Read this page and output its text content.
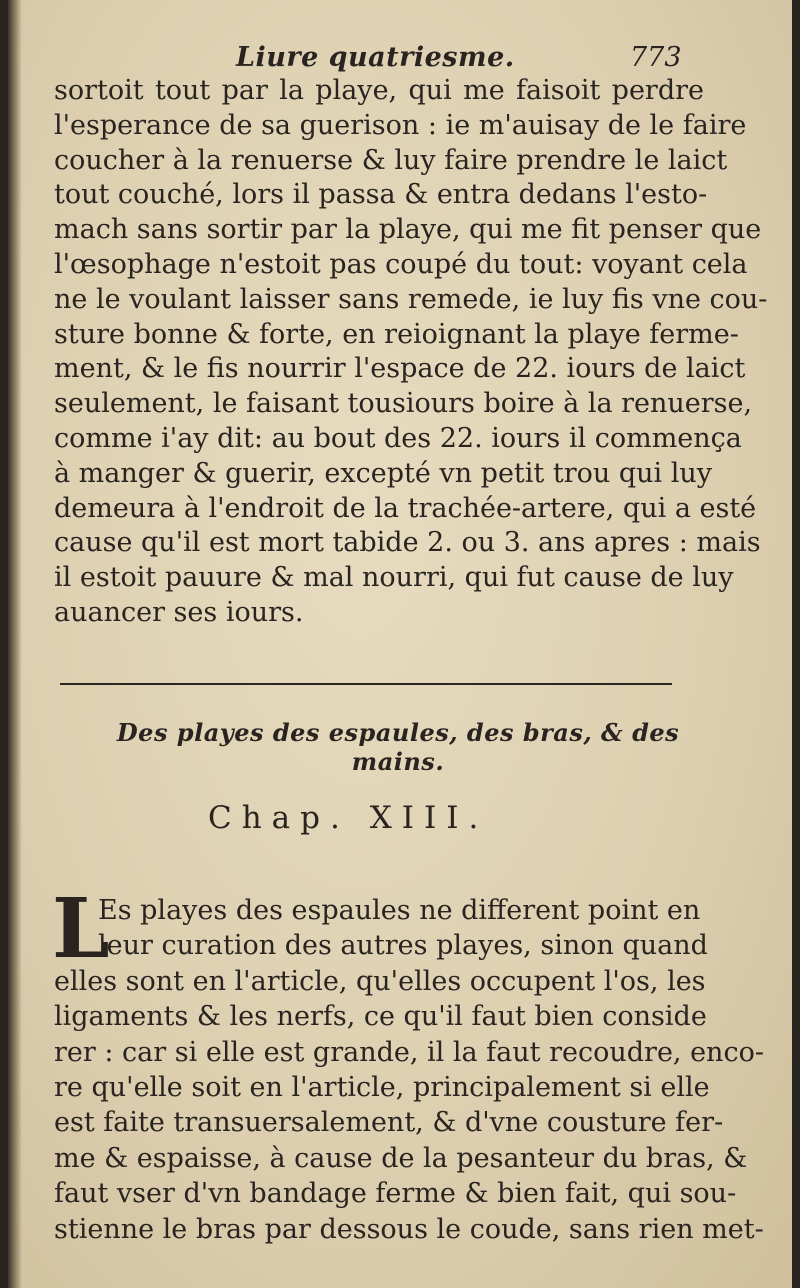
Liure quatriesme.	773
sortoit tout par la playe, qui me faisoit perdre
l'esperance de sa guerison : ie m'auisay de le faire
coucher à la renuerse & luy faire prendre le laict
tout couché, lors il passa & entra dedans l'esto-
mach sans sortir par la playe, qui me fit penser que
l'œsophage n'estoit pas coupé du tout: voyant cela
ne le voulant laisser sans remede, ie luy fis vne cou-
sture bonne & forte, en reioignant la playe ferme-
ment, & le fis nourrir l'espace de 22. iours de laict
seulement, le faisant tousiours boire à la renuerse,
comme i'ay dit: au bout des 22. iours il commença
à manger & guerir, excepté vn petit trou qui luy
demeura à l'endroit de la trachée-artere, qui a esté
cause qu'il est mort tabide 2. ou 3. ans apres : mais
il estoit pauure & mal nourri, qui fut cause de luy
auancer ses iours.
Des playes des espaules, des bras, & des mains.
Chap. XIII.
L
Es playes des espaules ne different point en
leur curation des autres playes, sinon quand
elles sont en l'article, qu'elles occupent l'os, les
ligaments & les nerfs, ce qu'il faut bien conside
rer : car si elle est grande, il la faut recoudre, enco-
re qu'elle soit en l'article, principalement si elle
est faite transuersalement, & d'vne cousture fer-
me & espaisse, à cause de la pesanteur du bras, &
faut vser d'vn bandage ferme & bien fait, qui sou-
stienne le bras par dessous le coude, sans rien met-
